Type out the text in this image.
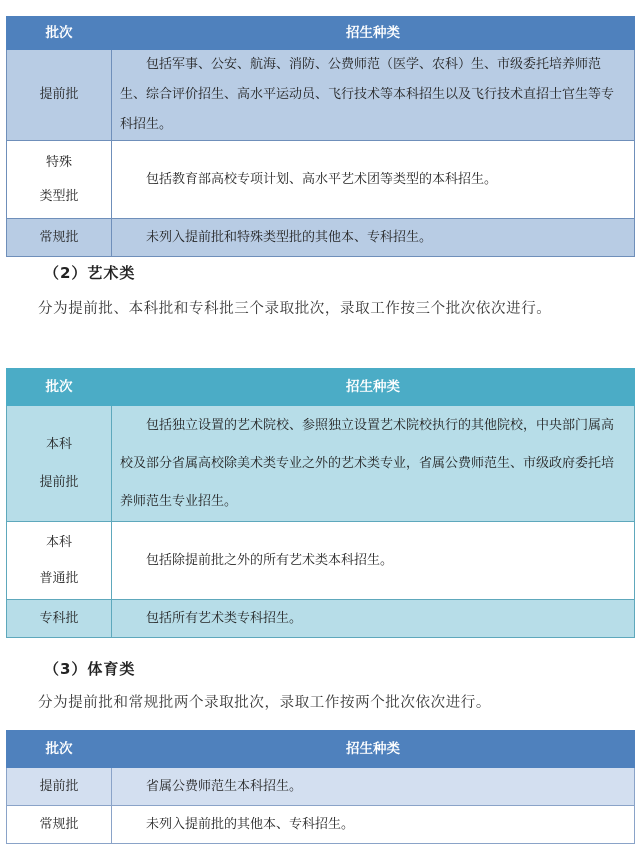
批次	招生种类
提前批	包括军事、公安、航海、消防、公费师范（医学、农科）生、市级委托培养师范生、综合评价招生、高水平运动员、飞行技术等本科招生以及飞行技术直招士官生等专科招生。

特殊
类型批	包括教育部高校专项计划、高水平艺术团等类型的本科招生。
常规批	未列入提前批和特殊类型批的其他本、专科招生。
（2）艺术类
分为提前批、本科批和专科批三个录取批次，录取工作按三个批次依次进行。
批次	招生种类

本科
提前批	包括独立设置的艺术院校、参照独立设置艺术院校执行的其他院校，中央部门属高校及部分省属高校除美术类专业之外的艺术类专业，省属公费师范生、市级政府委托培养师范生专业招生。

本科
普通批	包括除提前批之外的所有艺术类本科招生。
专科批	包括所有艺术类专科招生。
（3）体育类
分为提前批和常规批两个录取批次，录取工作按两个批次依次进行。
批次	招生种类
提前批	省属公费师范生本科招生。
常规批	未列入提前批的其他本、专科招生。
